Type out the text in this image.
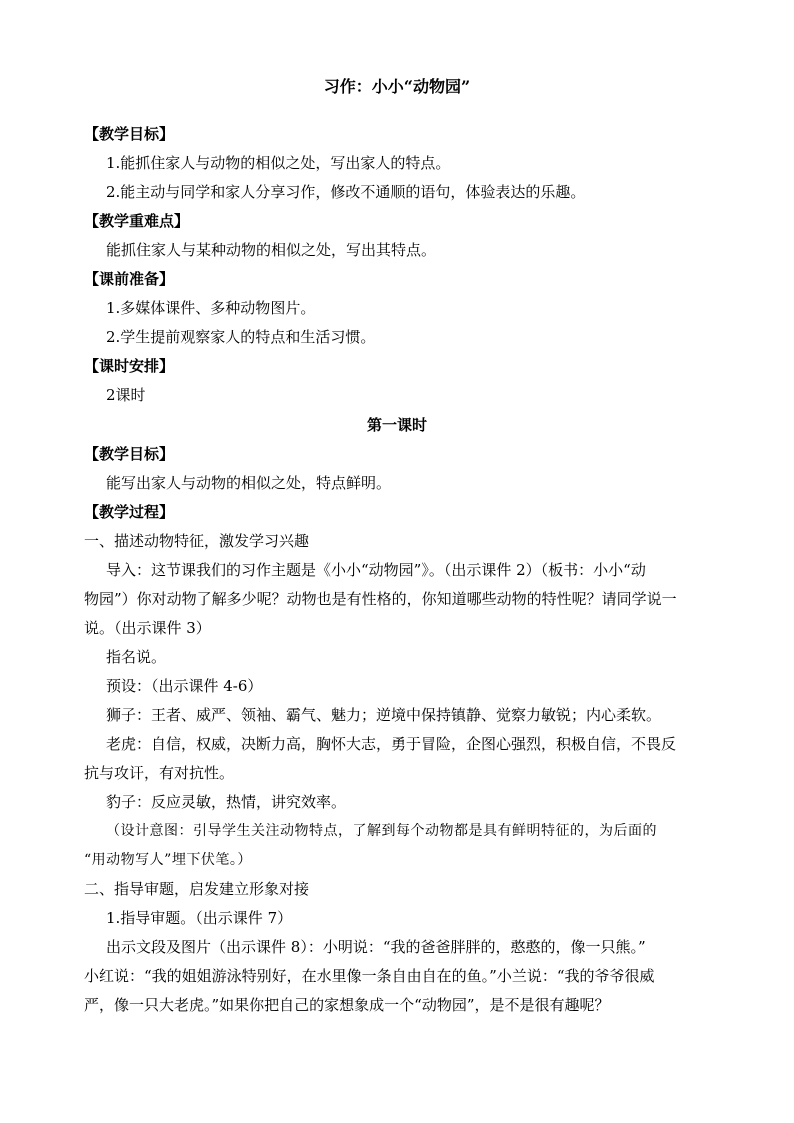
习作：小小“动物园”
【教学目标】
1.能抓住家人与动物的相似之处，写出家人的特点。
2.能主动与同学和家人分享习作，修改不通顺的语句，体验表达的乐趣。
【教学重难点】
能抓住家人与某种动物的相似之处，写出其特点。
【课前准备】
1.多媒体课件、多种动物图片。
2.学生提前观察家人的特点和生活习惯。
【课时安排】
2课时
第一课时
【教学目标】
能写出家人与动物的相似之处，特点鲜明。
【教学过程】
一、描述动物特征，激发学习兴趣
导入：这节课我们的习作主题是《小小“动物园”》。（出示课件 2）（板书：小小“动
物园”）你对动物了解多少呢？动物也是有性格的，你知道哪些动物的特性呢？请同学说一
说。（出示课件 3）
指名说。
预设：（出示课件 4-6）
狮子：王者、威严、领袖、霸气、魅力；逆境中保持镇静、觉察力敏锐；内心柔软。
老虎：自信，权威，决断力高，胸怀大志，勇于冒险，企图心强烈，积极自信，不畏反
抗与攻讦，有对抗性。
豹子：反应灵敏，热情，讲究效率。
（设计意图：引导学生关注动物特点，了解到每个动物都是具有鲜明特征的，为后面的
“用动物写人”埋下伏笔。）
二、指导审题，启发建立形象对接
1.指导审题。（出示课件 7）
出示文段及图片（出示课件 8）：小明说：“我的爸爸胖胖的，憨憨的，像一只熊。”
小红说：“我的姐姐游泳特别好，在水里像一条自由自在的鱼。”小兰说：“我的爷爷很威
严，像一只大老虎。”如果你把自己的家想象成一个“动物园”，是不是很有趣呢？
